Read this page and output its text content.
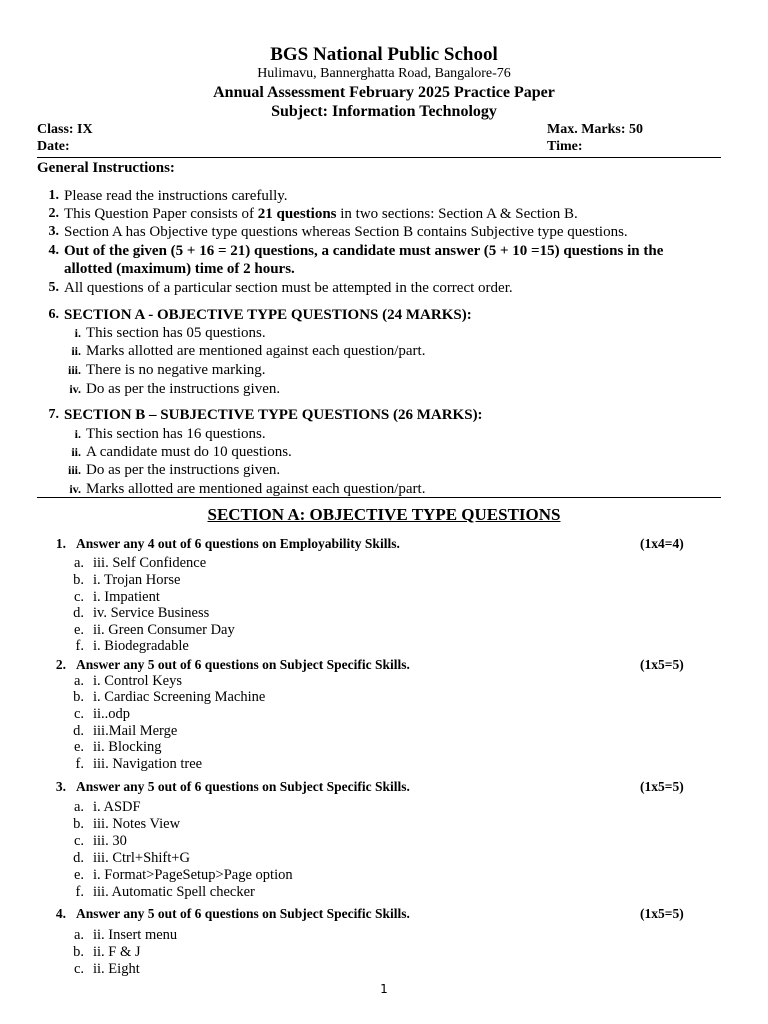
BGS National Public School
Hulimavu, Bannerghatta Road, Bangalore-76
Annual Assessment February 2025 Practice Paper
Subject: Information Technology
Class: IX	Max. Marks: 50
Date:	Time:
General Instructions:
1. Please read the instructions carefully.
2. This Question Paper consists of 21 questions in two sections: Section A & Section B.
3. Section A has Objective type questions whereas Section B contains Subjective type questions.
4. Out of the given (5 + 16 = 21) questions, a candidate must answer (5 + 10 =15) questions in the allotted (maximum) time of 2 hours.
5. All questions of a particular section must be attempted in the correct order.
6. SECTION A - OBJECTIVE TYPE QUESTIONS (24 MARKS):
i. This section has 05 questions.
ii. Marks allotted are mentioned against each question/part.
iii. There is no negative marking.
iv. Do as per the instructions given.
7. SECTION B – SUBJECTIVE TYPE QUESTIONS (26 MARKS):
i. This section has 16 questions.
ii. A candidate must do 10 questions.
iii. Do as per the instructions given.
iv. Marks allotted are mentioned against each question/part.
SECTION A: OBJECTIVE TYPE QUESTIONS
1. Answer any 4 out of 6 questions on Employability Skills.	(1x4=4)
a. iii. Self Confidence
b. i. Trojan Horse
c. i. Impatient
d. iv. Service Business
e. ii. Green Consumer Day
f. i. Biodegradable
2. Answer any 5 out of 6 questions on Subject Specific Skills.	(1x5=5)
a. i. Control Keys
b. i. Cardiac Screening Machine
c. ii..odp
d. iii.Mail Merge
e. ii. Blocking
f. iii. Navigation tree
3. Answer any 5 out of 6 questions on Subject Specific Skills.	(1x5=5)
a. i. ASDF
b. iii. Notes View
c. iii. 30
d. iii. Ctrl+Shift+G
e. i. Format>PageSetup>Page option
f. iii. Automatic Spell checker
4. Answer any 5 out of 6 questions on Subject Specific Skills.	(1x5=5)
a. ii. Insert menu
b. ii. F & J
c. ii. Eight
1
